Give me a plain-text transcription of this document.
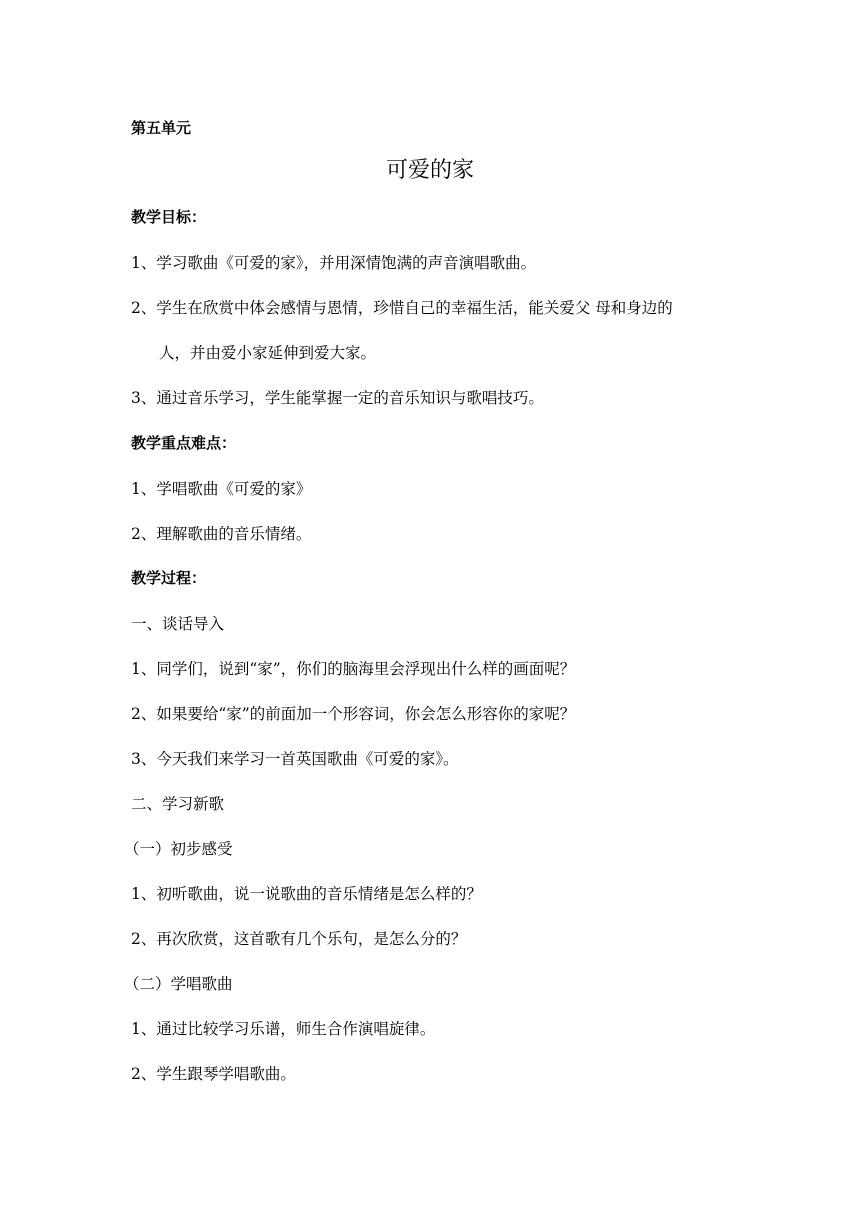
第五单元
可爱的家
教学目标：
1、学习歌曲《可爱的家》，并用深情饱满的声音演唱歌曲。
2、学生在欣赏中体会感情与恩情，珍惜自己的幸福生活，能关爱父 母和身边的
人，并由爱小家延伸到爱大家。
3、通过音乐学习，学生能掌握一定的音乐知识与歌唱技巧。
教学重点难点：
1、学唱歌曲《可爱的家》
2、理解歌曲的音乐情绪。
教学过程：
一、谈话导入
1、同学们，说到“家”，你们的脑海里会浮现出什么样的画面呢？
2、如果要给“家”的前面加一个形容词，你会怎么形容你的家呢？
3、今天我们来学习一首英国歌曲《可爱的家》。
二、学习新歌
（一）初步感受
1、初听歌曲，说一说歌曲的音乐情绪是怎么样的？
2、再次欣赏，这首歌有几个乐句，是怎么分的？
（二）学唱歌曲
1、通过比较学习乐谱，师生合作演唱旋律。
2、学生跟琴学唱歌曲。
